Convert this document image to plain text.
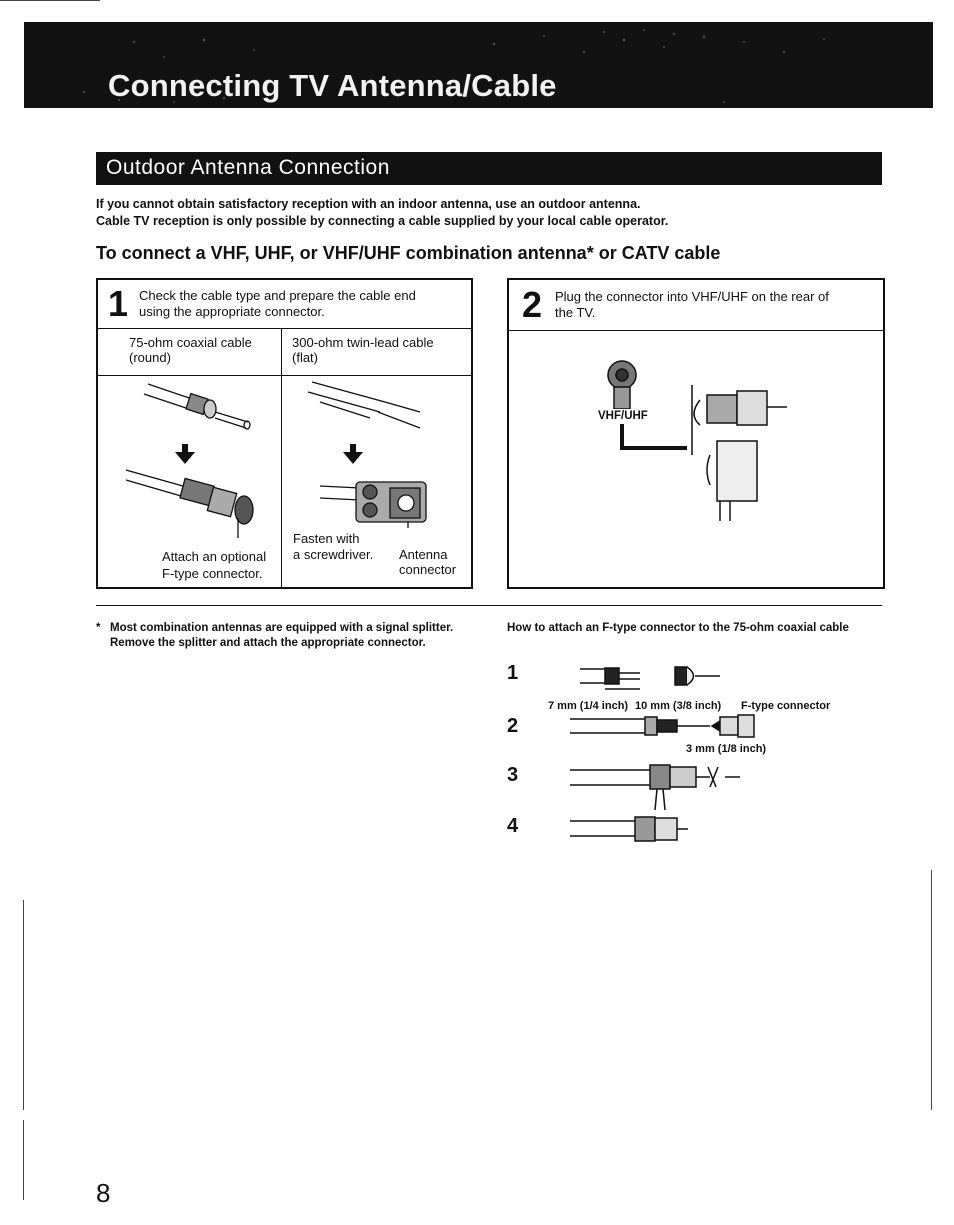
Connecting TV Antenna/Cable
Outdoor Antenna Connection
If you cannot obtain satisfactory reception with an indoor antenna, use an outdoor antenna.
Cable TV reception is only possible by connecting a cable supplied by your local cable operator.
To connect a VHF, UHF, or VHF/UHF combination antenna* or CATV cable
1 Check the cable type and prepare the cable end
using the appropriate connector.
75-ohm coaxial cable
(round)
300-ohm twin-lead cable
(flat)
Attach an optional
F-type connector.
Fasten with
a screwdriver. Antenna
connector
2 Plug the connector into VHF/UHF on the rear of
the TV.
VHF/UHF
* Most combination antennas are equipped with a signal splitter.
Remove the splitter and attach the appropriate connector.
How to attach an F-type connector to the 75-ohm coaxial cable
1
2
3
4
7 mm (1/4 inch) 10 mm (3/8 inch) F-type connector
3 mm (1/8 inch)
8
